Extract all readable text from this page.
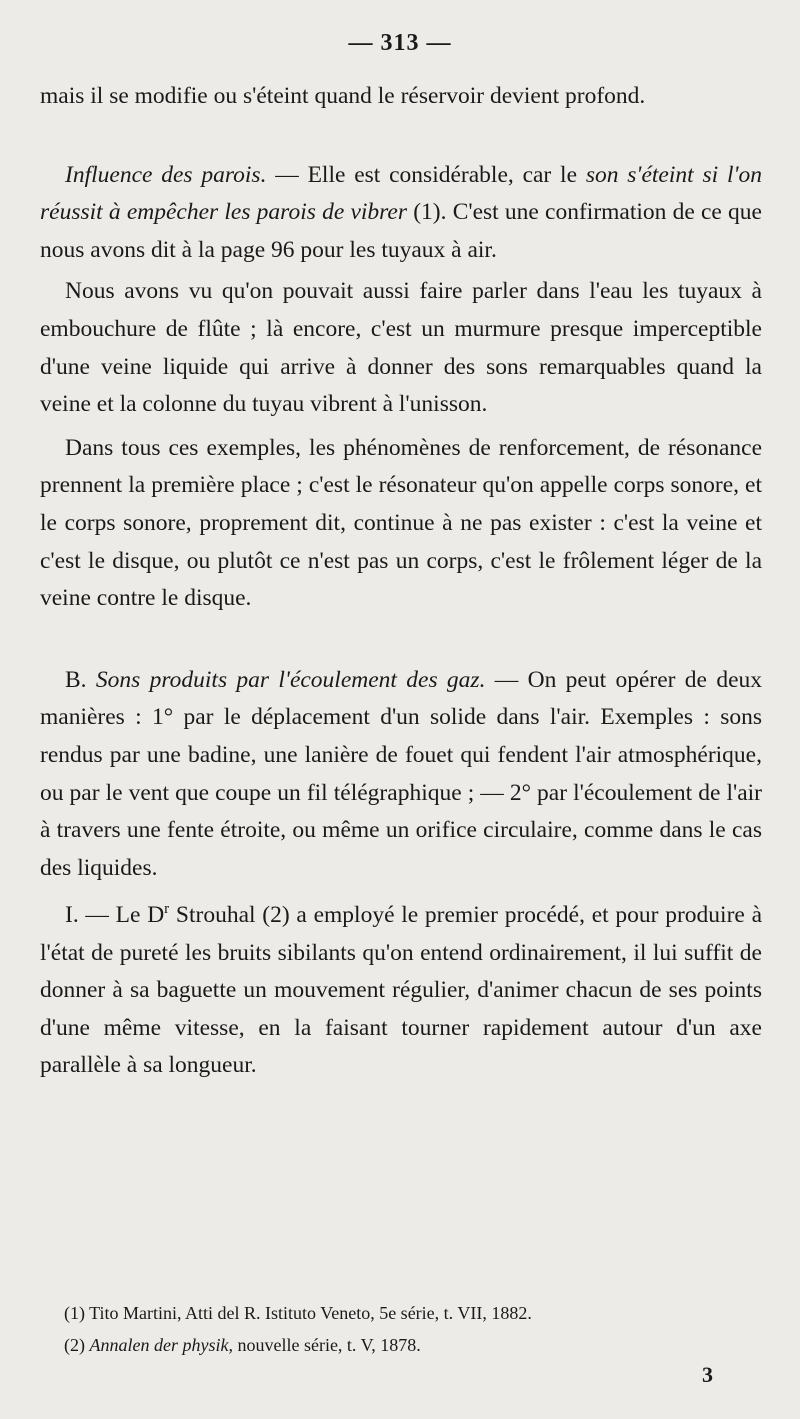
— 313 —

mais il se modifie ou s'éteint quand le réservoir devient profond.

Influence des parois. — Elle est considérable, car le son s'éteint si l'on réussit à empêcher les parois de vibrer (1). C'est une confirmation de ce que nous avons dit à la page 96 pour les tuyaux à air.

Nous avons vu qu'on pouvait aussi faire parler dans l'eau les tuyaux à embouchure de flûte ; là encore, c'est un murmure presque imperceptible d'une veine liquide qui arrive à donner des sons remarquables quand la veine et la colonne du tuyau vibrent à l'unisson.

Dans tous ces exemples, les phénomènes de renforcement, de résonance prennent la première place ; c'est le résonateur qu'on appelle corps sonore, et le corps sonore, proprement dit, continue à ne pas exister : c'est la veine et c'est le disque, ou plutôt ce n'est pas un corps, c'est le frôlement léger de la veine contre le disque.

B. Sons produits par l'écoulement des gaz. — On peut opérer de deux manières : 1° par le déplacement d'un solide dans l'air. Exemples : sons rendus par une badine, une lanière de fouet qui fendent l'air atmosphérique, ou par le vent que coupe un fil télégraphique ; — 2° par l'écoulement de l'air à travers une fente étroite, ou même un orifice circulaire, comme dans le cas des liquides.

I. — Le $D^r$ Strouhal (2) a employé le premier procédé, et pour produire à l'état de pureté les bruits sibilants qu'on entend ordinairement, il lui suffit de donner à sa baguette un mouvement régulier, d'animer chacun de ses points d'une même vitesse, en la faisant tourner rapidement autour d'un axe parallèle à sa longueur.

(1) Tito Martini, Atti del R. Istituto Veneto, 5e série, t. VII, 1882.

(2) Annalen der physik, nouvelle série, t. V, 1878.

3
